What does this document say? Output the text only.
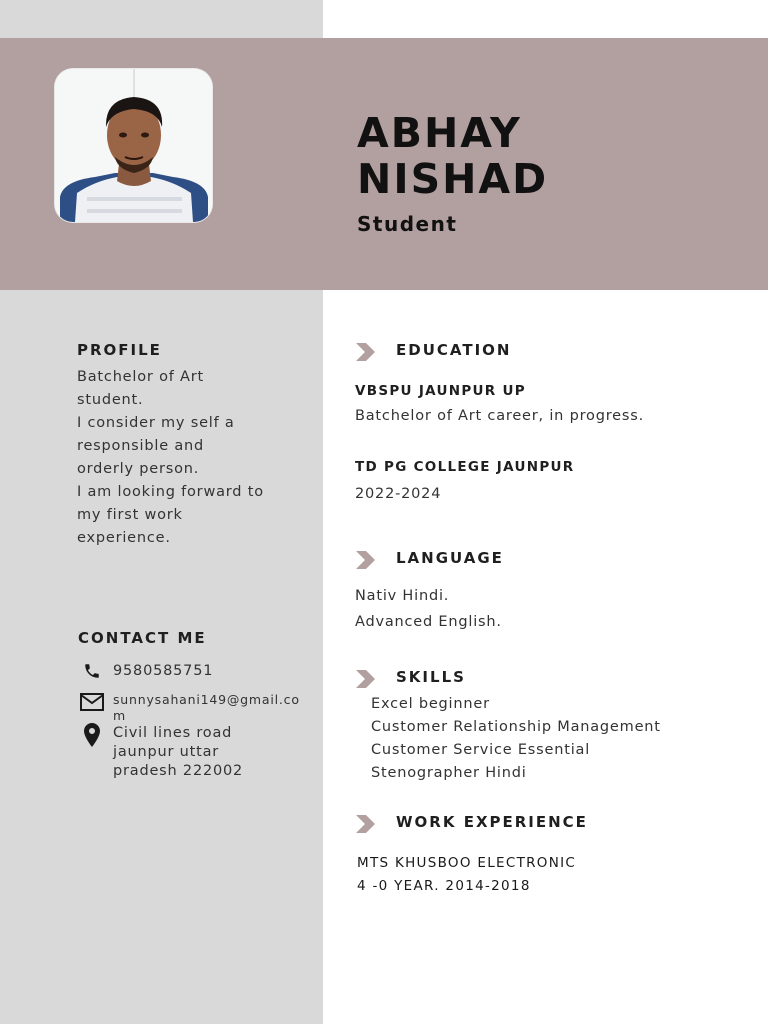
ABHAY
NISHAD
Student
PROFILE
Batchelor of Art
student.
I consider my self a
responsible and
orderly person.
I am looking forward to
my first work
experience.
CONTACT ME
9580585751
sunnysahani149@gmail.co
m
Civil lines road
jaunpur uttar
pradesh 222002
EDUCATION
VBSPU JAUNPUR UP
Batchelor of Art career, in progress.
TD PG COLLEGE JAUNPUR
2022-2024
LANGUAGE
Nativ Hindi.
Advanced English.
SKILLS
Excel beginner
Customer Relationship Management
Customer Service Essential
Stenographer Hindi
WORK EXPERIENCE
MTS KHUSBOO ELECTRONIC
4 -0 YEAR. 2014-2018
